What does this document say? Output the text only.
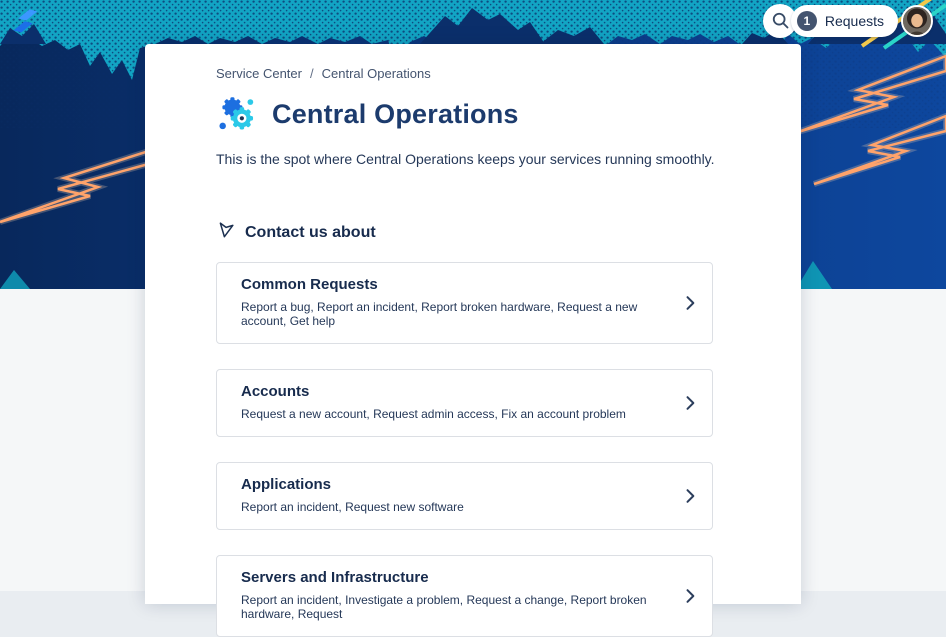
1	Requests
Service Center / Central Operations
Central Operations

This is the spot where Central Operations keeps your services running smoothly.

Contact us about
Common Requests
Report a bug, Report an incident, Report broken hardware, Request a new account, Get help
Accounts
Request a new account, Request admin access, Fix an account problem
Applications
Report an incident, Request new software
Servers and Infrastructure
Report an incident, Investigate a problem, Request a change, Report broken hardware, Request
